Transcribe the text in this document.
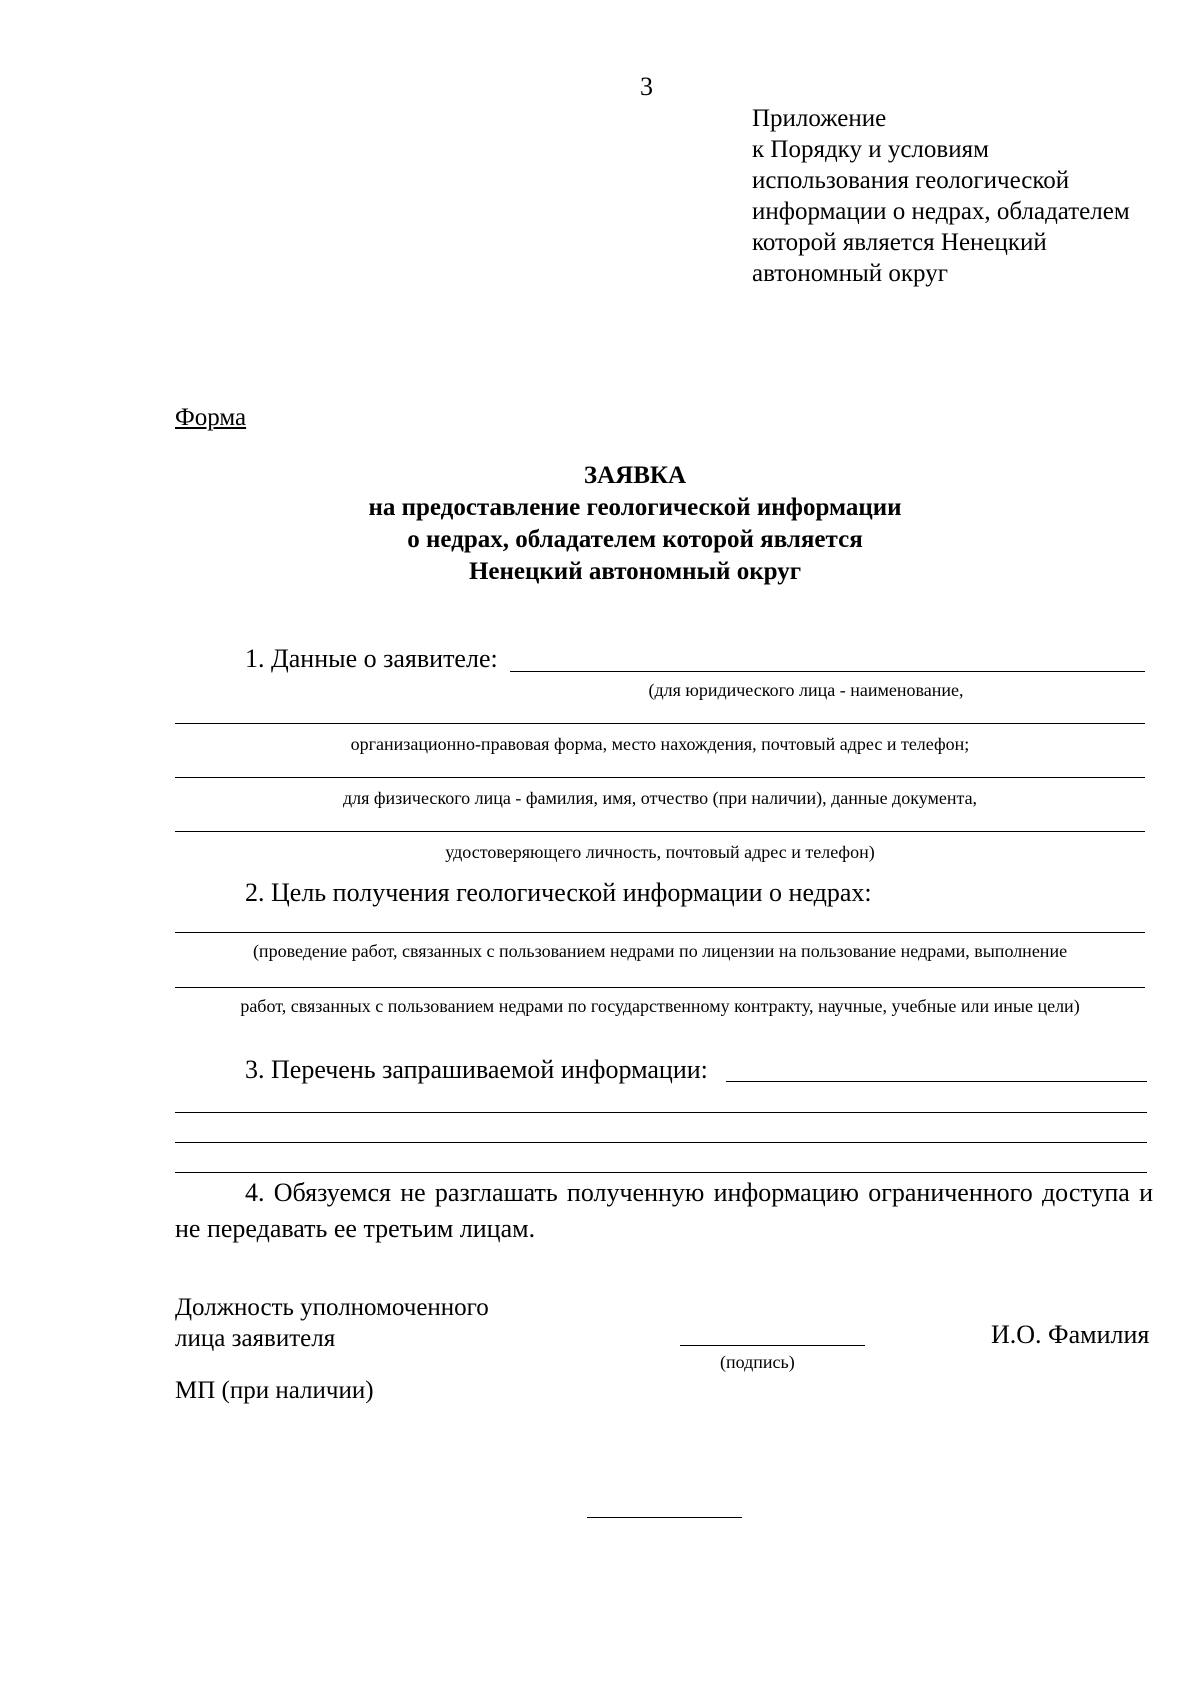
3
Приложение
к Порядку и условиям
использования геологической
информации о недрах, обладателем
которой является Ненецкий
автономный округ
Форма
ЗАЯВКА
на предоставление геологической информации
о недрах, обладателем которой является
Ненецкий автономный округ
1. Данные о заявителе:
(для юридического лица - наименование,
организационно-правовая форма, место нахождения, почтовый адрес и телефон;
для физического лица - фамилия, имя, отчество (при наличии), данные документа,
удостоверяющего личность, почтовый адрес и телефон)
2. Цель получения геологической информации о недрах:
(проведение работ, связанных с пользованием недрами по лицензии на пользование недрами, выполнение
работ, связанных с пользованием недрами по государственному контракту, научные, учебные или иные цели)
3. Перечень запрашиваемой информации:
4. Обязуемся не разглашать полученную информацию ограниченного доступа и не передавать ее третьим лицам.
Должность уполномоченного
лица заявителя
(подпись)
И.О. Фамилия
МП (при наличии)
